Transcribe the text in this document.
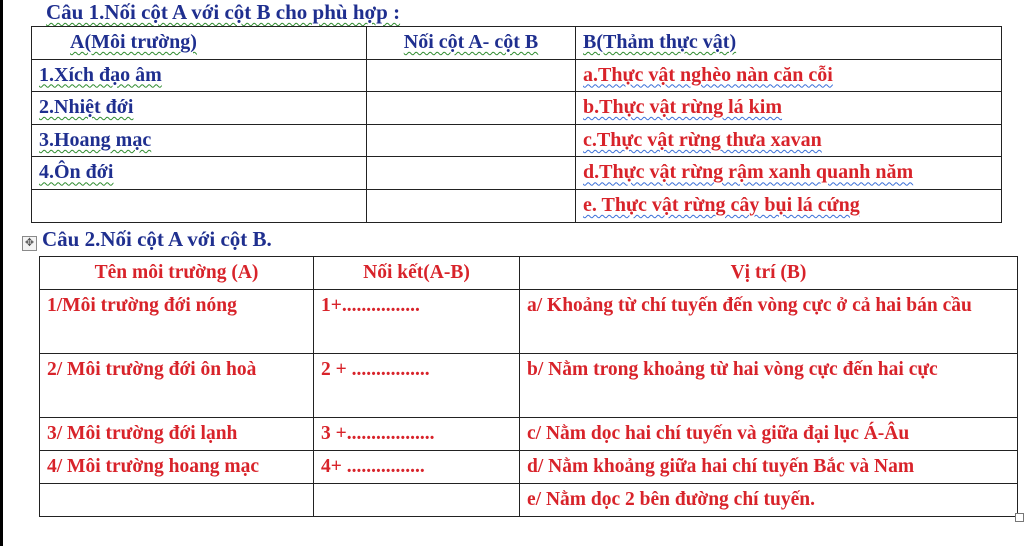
Câu 1.Nối cột A với cột B cho phù hợp :
A(Môi trường)	Nối cột A- cột B	B(Thảm thực vật)
1.Xích đạo âm		a.Thực vật nghèo nàn căn cỗi
2.Nhiệt đới		b.Thực vật rừng lá kim
3.Hoang mạc		c.Thực vật rừng thưa xavan
4.Ôn đới		d.Thực vật rừng rậm xanh quanh năm
		e. Thực vật rừng cây bụi lá cứng
✥ Câu 2.Nối cột A với cột B.
Tên môi trường (A)	Nối kết(A-B)	Vị trí (B)
1/Môi trường đới nóng	1+................	a/ Khoảng từ chí tuyến đến vòng cực ở cả hai bán cầu
2/ Môi trường đới ôn hoà	2 + ................	b/ Nằm trong khoảng từ hai vòng cực đến hai cực
3/ Môi trường đới lạnh	3 +..................	c/ Nằm dọc hai chí tuyến và giữa đại lục Á-Âu
4/ Môi trường hoang mạc	4+ ................	d/ Nằm khoảng giữa hai chí tuyến Bắc và Nam
		e/ Nằm dọc 2 bên đường chí tuyến.
